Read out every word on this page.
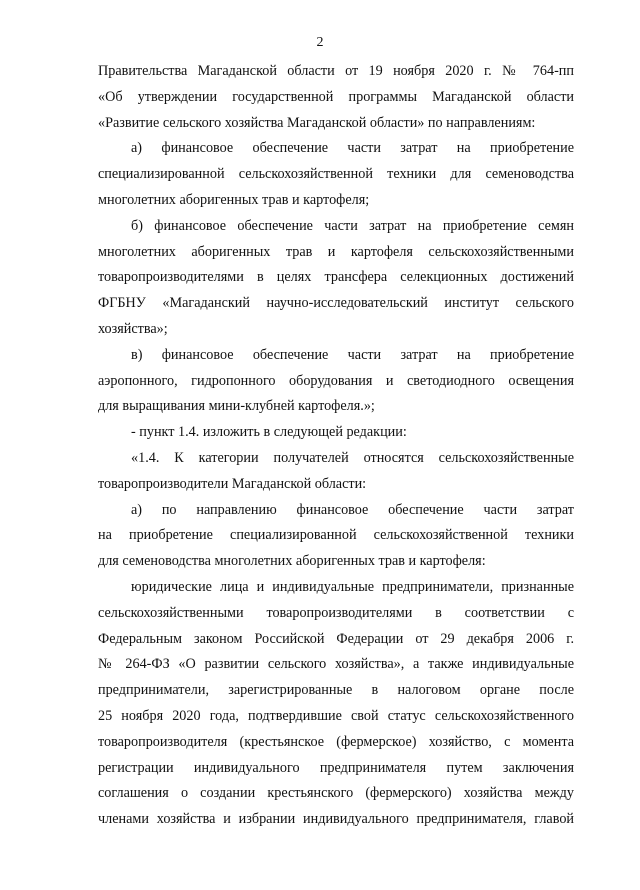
2
Правительства Магаданской области от 19 ноября 2020 г. № 764-пп
«Об утверждении государственной программы Магаданской области
«Развитие сельского хозяйства Магаданской области» по направлениям:
а) финансовое обеспечение части затрат на приобретение
специализированной сельскохозяйственной техники для семеноводства
многолетних аборигенных трав и картофеля;
б) финансовое обеспечение части затрат на приобретение семян
многолетних аборигенных трав и картофеля сельскохозяйственными
товаропроизводителями в целях трансфера селекционных достижений
ФГБНУ «Магаданский научно-исследовательский институт сельского
хозяйства»;
в) финансовое обеспечение части затрат на приобретение
аэропонного, гидропонного оборудования и светодиодного освещения
для выращивания мини-клубней картофеля.»;
- пункт 1.4. изложить в следующей редакции:
«1.4. К категории получателей относятся сельскохозяйственные
товаропроизводители Магаданской области:
а) по направлению финансовое обеспечение части затрат
на приобретение специализированной сельскохозяйственной техники
для семеноводства многолетних аборигенных трав и картофеля:
юридические лица и индивидуальные предприниматели, признанные
сельскохозяйственными товаропроизводителями в соответствии с
Федеральным законом Российской Федерации от 29 декабря 2006 г.
№ 264-ФЗ «О развитии сельского хозяйства», а также индивидуальные
предприниматели, зарегистрированные в налоговом органе после
25 ноября 2020 года, подтвердившие свой статус сельскохозяйственного
товаропроизводителя (крестьянское (фермерское) хозяйство, с момента
регистрации индивидуального предпринимателя путем заключения
соглашения о создании крестьянского (фермерского) хозяйства между
членами хозяйства и избрании индивидуального предпринимателя, главой
